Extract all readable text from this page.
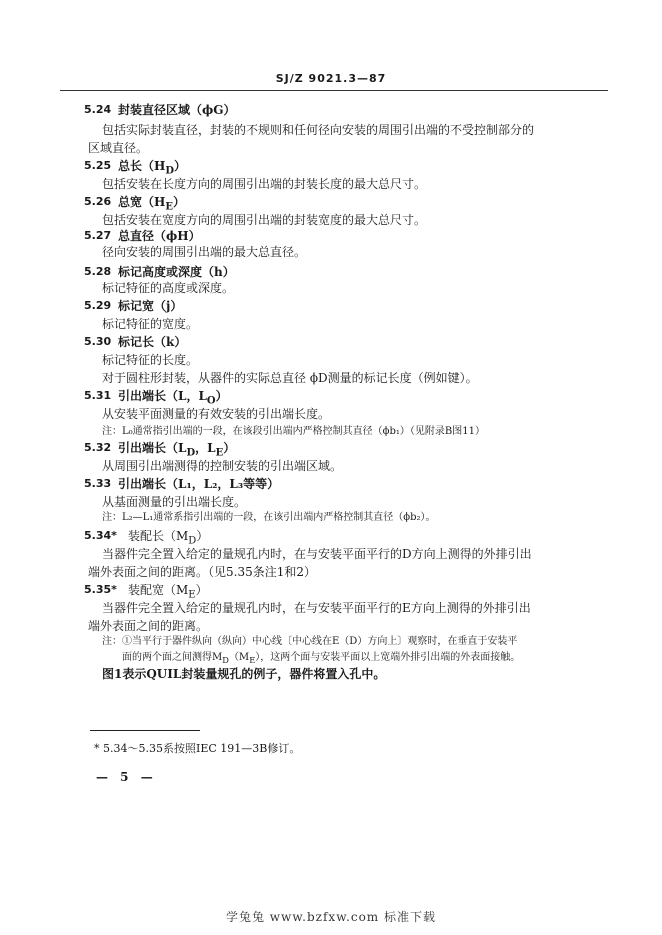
SJ/Z 9021.3—87
5.24 封装直径区域（ϕG）
包括实际封装直径，封装的不规则和任何径向安装的周围引出端的不受控制部分的
区域直径。
5.25 总长$(H_D)$
包括安装在长度方向的周围引出端的封装长度的最大总尺寸。
5.26 总宽$(H_E)$
包括安装在宽度方向的周围引出端的封装宽度的最大总尺寸。
5.27 总直径（ϕH）
径向安装的周围引出端的最大总直径。
5.28 标记高度或深度（h）
标记特征的高度或深度。
5.29 标记宽（j）
标记特征的宽度。
5.30 标记长（k）
标记特征的长度。
对于圆柱形封装，从器件的实际总直径 ϕD测量的标记长度（例如键）。
5.31 引出端长（L，$L_O$）
从安装平面测量的有效安装的引出端长度。
注：L₀通常指引出端的一段，在该段引出端内严格控制其直径（ϕb₁）（见附录B图11）
5.32 引出端长（$L_D$，$L_E$）
从周围引出端测得的控制安装的引出端区域。
5.33 引出端长（L₁，L₂，L₃等等）
从基面测量的引出端长度。
注：L₂—L₁通常系指引出端的一段，在该引出端内严格控制其直径（ϕb₂）。
5.34* 装配长$(M_D)$
当器件完全置入给定的量规孔内时，在与安装平面平行的D方向上测得的外排引出
端外表面之间的距离。（见5.35条注1和2）
5.35* 装配宽$(M_E)$
当器件完全置入给定的量规孔内时，在与安装平面平行的E方向上测得的外排引出
端外表面之间的距离。
注：①当平行于器件纵向（纵向）中心线〔中心线在E（D）方向上〕观察时，在垂直于安装平
面的两个面之间测得$M_D(M_E)$，这两个面与安装平面以上宽端外排引出端的外表面接触。
图1表示QUIL封装量规孔的例子，器件将置入孔中。
* 5.34～5.35系按照IEC 191—3B修订。
— 5 —
学兔兔 www.bzfxw.com 标准下载
